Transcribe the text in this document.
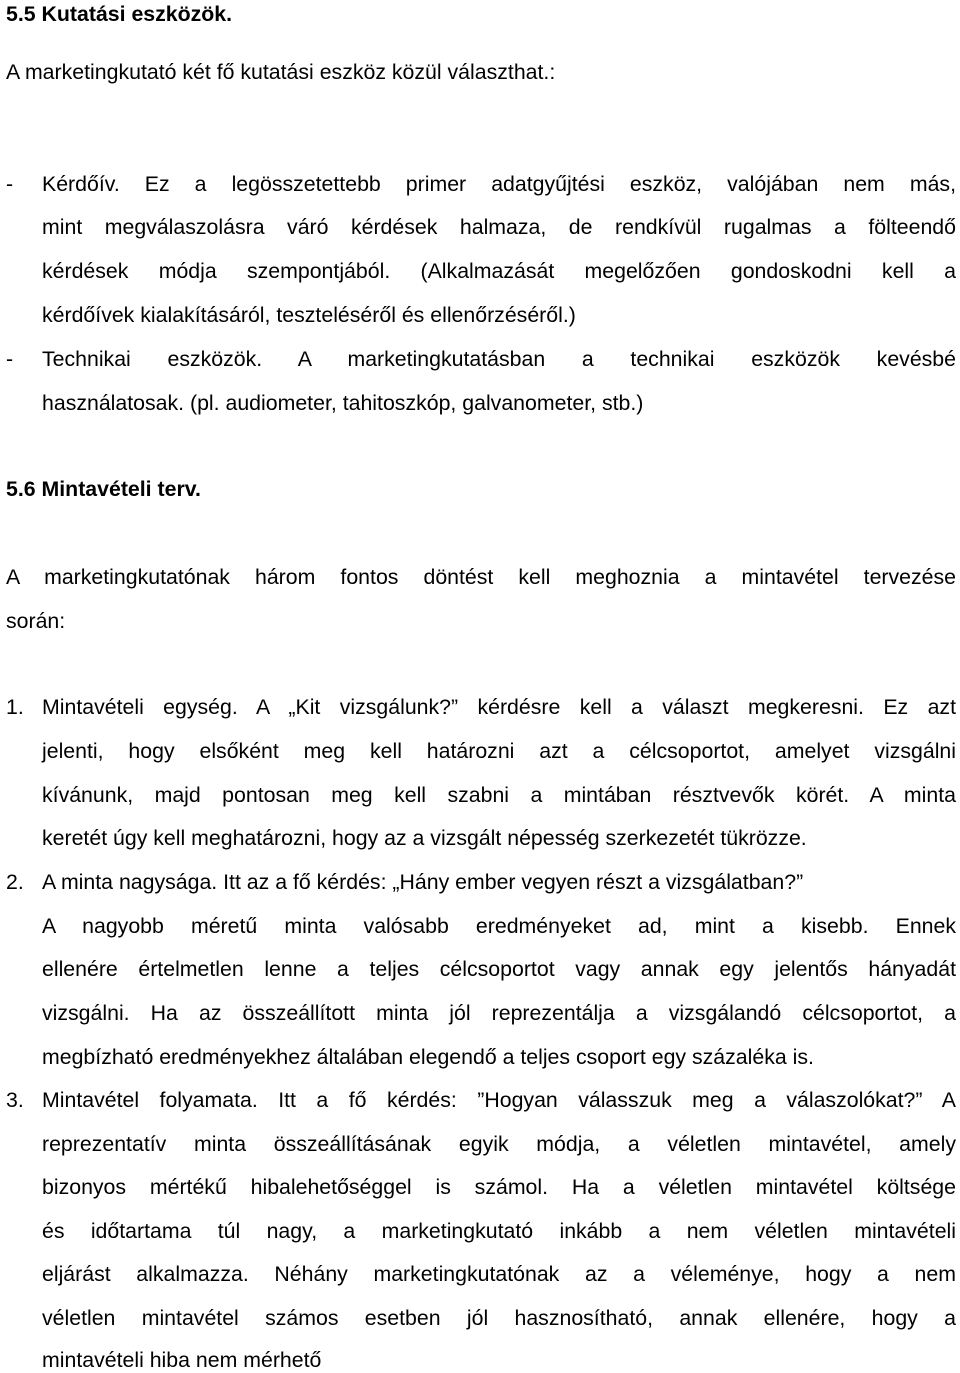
5.5 Kutatási eszközök.
A marketingkutató két fő kutatási eszköz közül választhat.:
- Kérdőív. Ez a legösszetettebb primer adatgyűjtési eszköz, valójában nem más,
mint megválaszolásra váró kérdések halmaza, de rendkívül rugalmas a fölteendő
kérdések módja szempontjából. (Alkalmazását megelőzően gondoskodni kell a
kérdőívek kialakításáról, teszteléséről és ellenőrzéséről.)
- Technikai eszközök. A marketingkutatásban a technikai eszközök kevésbé
használatosak. (pl. audiometer, tahitoszkóp, galvanometer, stb.)
5.6 Mintavételi terv.
A marketingkutatónak három fontos döntést kell meghoznia a mintavétel tervezése
során:
1. Mintavételi egység. A „Kit vizsgálunk?” kérdésre kell a választ megkeresni. Ez azt
jelenti, hogy elsőként meg kell határozni azt a célcsoportot, amelyet vizsgálni
kívánunk, majd pontosan meg kell szabni a mintában résztvevők körét. A minta
keretét úgy kell meghatározni, hogy az a vizsgált népesség szerkezetét tükrözze.
2. A minta nagysága. Itt az a fő kérdés: „Hány ember vegyen részt a vizsgálatban?”
A nagyobb méretű minta valósabb eredményeket ad, mint a kisebb. Ennek
ellenére értelmetlen lenne a teljes célcsoportot vagy annak egy jelentős hányadát
vizsgálni. Ha az összeállított minta jól reprezentálja a vizsgálandó célcsoportot, a
megbízható eredményekhez általában elegendő a teljes csoport egy százaléka is.
3. Mintavétel folyamata. Itt a fő kérdés: ”Hogyan válasszuk meg a válaszolókat?” A
reprezentatív minta összeállításának egyik módja, a véletlen mintavétel, amely
bizonyos mértékű hibalehetőséggel is számol. Ha a véletlen mintavétel költsége
és időtartama túl nagy, a marketingkutató inkább a nem véletlen mintavételi
eljárást alkalmazza. Néhány marketingkutatónak az a véleménye, hogy a nem
véletlen mintavétel számos esetben jól hasznosítható, annak ellenére, hogy a
mintavételi hiba nem mérhető
